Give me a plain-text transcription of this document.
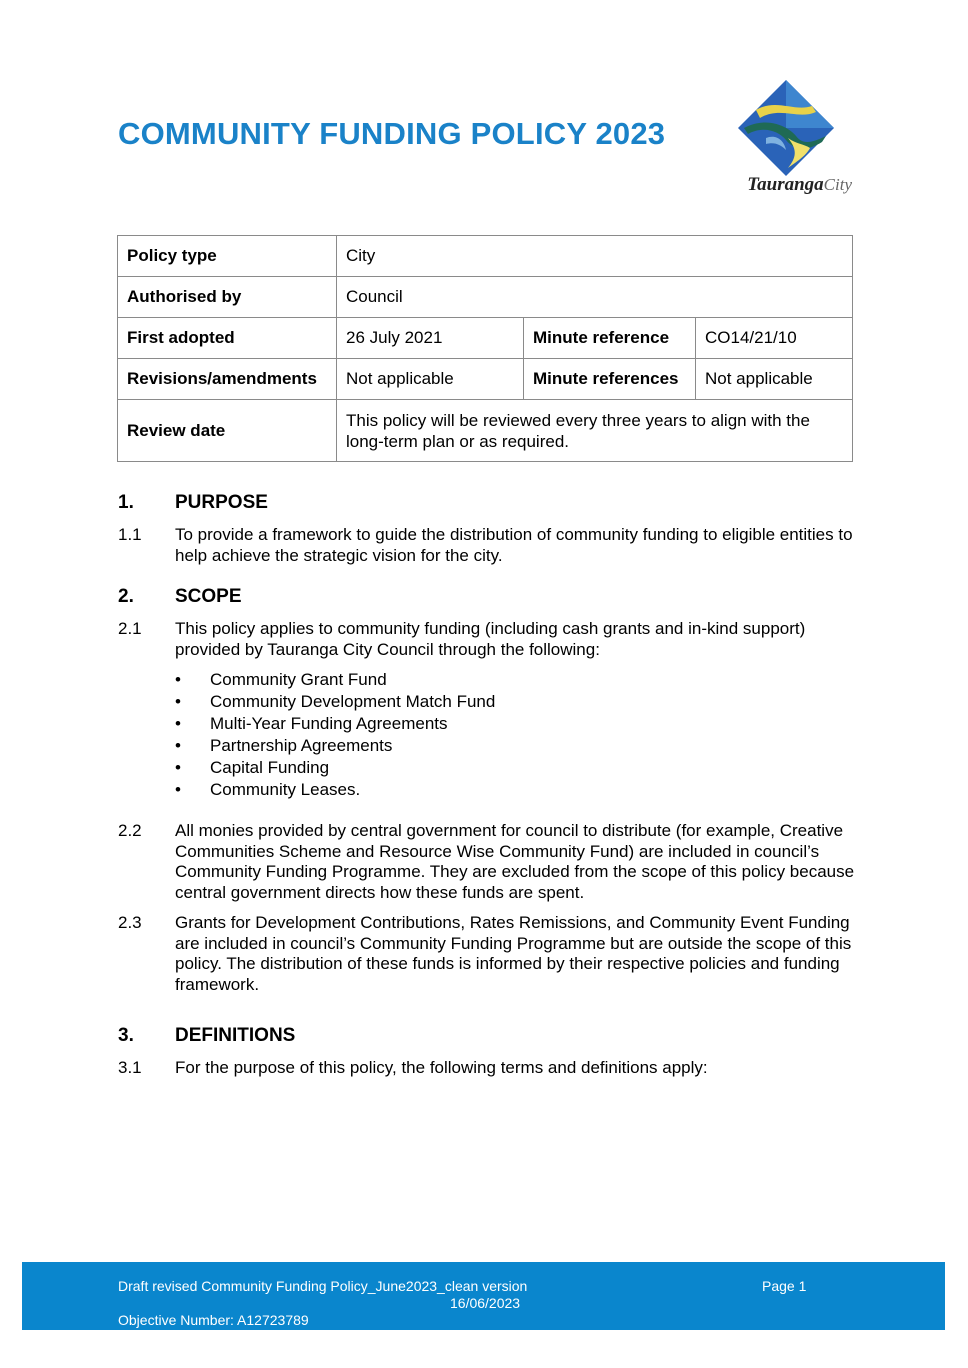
COMMUNITY FUNDING POLICY 2023
TaurangaCity
Policy type	City		
Authorised by	Council		
First adopted	26 July 2021	Minute reference	CO14/21/10
Revisions/amendments	Not applicable	Minute references	Not applicable
Review date	This policy will be reviewed every three years to align with the long-term plan or as required.		
1. PURPOSE
1.1 To provide a framework to guide the distribution of community funding to eligible entities to help achieve the strategic vision for the city.
2. SCOPE
2.1 This policy applies to community funding (including cash grants and in-kind support) provided by Tauranga City Council through the following:
• Community Grant Fund
• Community Development Match Fund
• Multi-Year Funding Agreements
• Partnership Agreements
• Capital Funding
• Community Leases.
2.2 All monies provided by central government for council to distribute (for example, Creative Communities Scheme and Resource Wise Community Fund) are included in council’s Community Funding Programme. They are excluded from the scope of this policy because central government directs how these funds are spent.
2.3 Grants for Development Contributions, Rates Remissions, and Community Event Funding are included in council’s Community Funding Programme but are outside the scope of this policy. The distribution of these funds is informed by their respective policies and funding framework.
3. DEFINITIONS
3.1 For the purpose of this policy, the following terms and definitions apply:
Draft revised Community Funding Policy_June2023_clean version
16/06/2023
Objective Number: A12723789
Page 1
